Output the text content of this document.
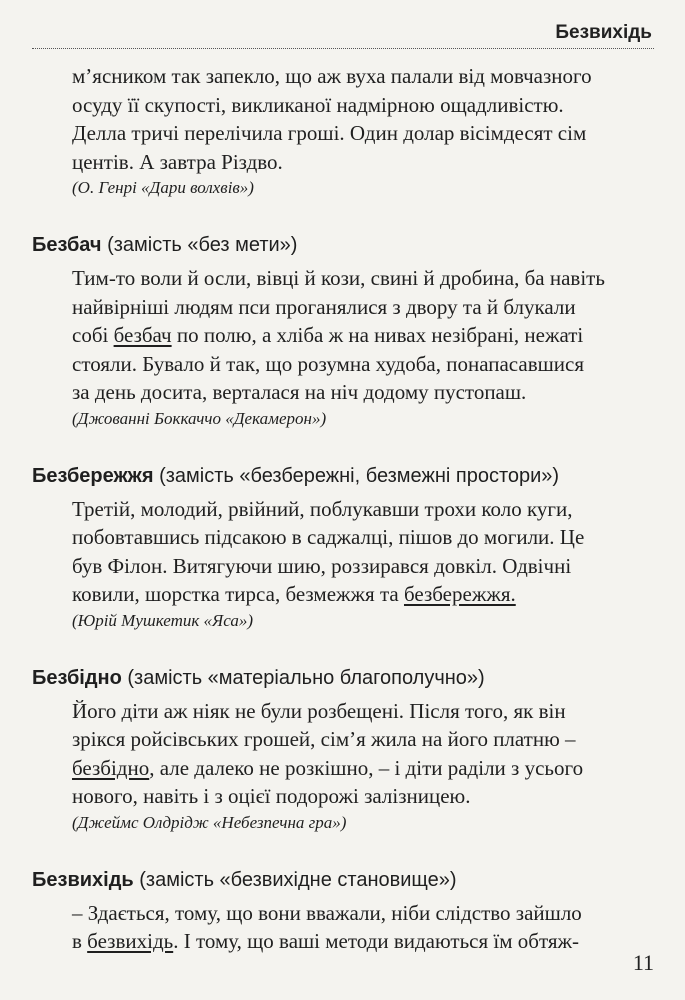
Безвихідь
м’ясником так запекло, що аж вуха палали від мовчазного
осуду її скупості, викликаної надмірною ощадливістю.
Делла тричі перелічила гроші. Один долар вісімдесят сім
центів. А завтра Різдво.
(О. Генрі «Дари волхвів»)
Безбач (замість «без мети»)
Тим-то воли й осли, вівці й кози, свині й дробина, ба навіть
найвірніші людям пси проганялися з двору та й блукали
собі безбач по полю, а хліба ж на нивах незібрані, нежаті
стояли. Бувало й так, що розумна худоба, понапасавшися
за день досита, верталася на ніч додому пустопаш.
(Джованні Боккаччо «Декамерон»)
Безбережжя (замість «безбережні, безмежні простори»)
Третій, молодий, рвійний, поблукавши трохи коло куги,
побовтавшись підсакою в саджалці, пішов до могили. Це
був Філон. Витягуючи шию, роззирався довкіл. Одвічні
ковили, шорстка тирса, безмежжя та безбережжя.
(Юрій Мушкетик «Яса»)
Безбідно (замість «матеріально благополучно»)
Його діти аж ніяк не були розбещені. Після того, як він
зрікся ройсівських грошей, сім’я жила на його платню –
безбідно, але далеко не розкішно, – і діти раділи з усього
нового, навіть і з оцієї подорожі залізницею.
(Джеймс Олдрідж «Небезпечна гра»)
Безвихідь (замість «безвихідне становище»)
– Здається, тому, що вони вважали, ніби слідство зайшло
в безвихідь. І тому, що ваші методи видаються їм обтяж-
11
